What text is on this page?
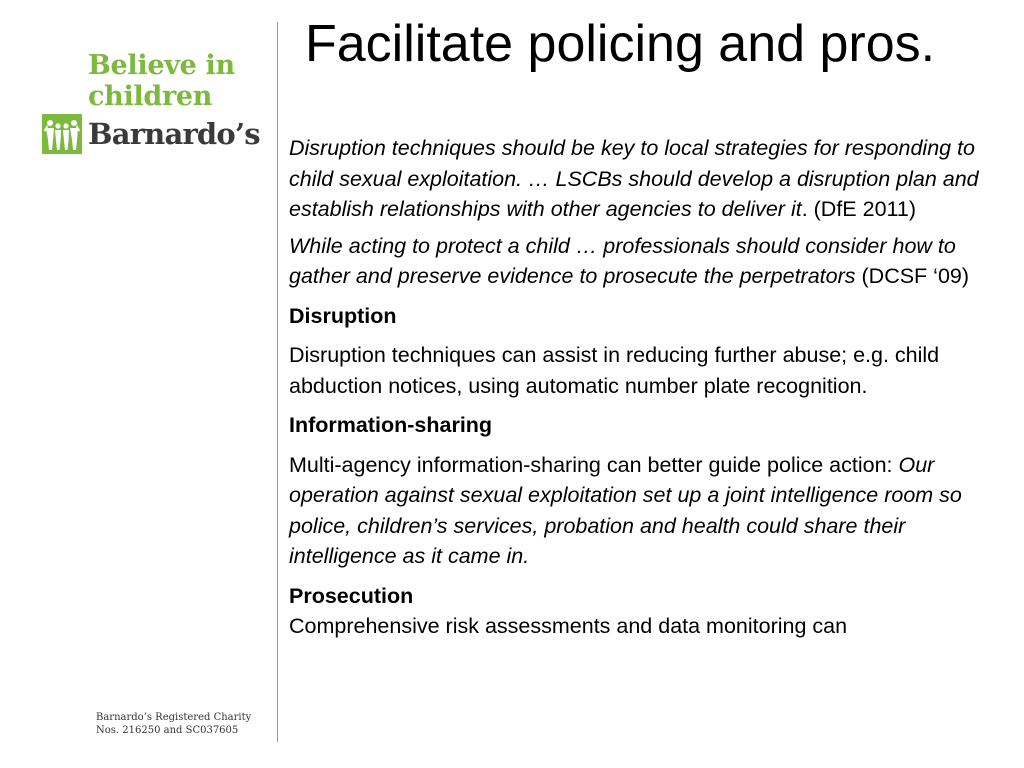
Believe in
children
Barnardo’s
Barnardo’s Registered Charity
Nos. 216250 and SC037605
Facilitate policing and pros.

Disruption techniques should be key to local strategies for responding to child sexual exploitation. … LSCBs should develop a disruption plan and establish relationships with other agencies to deliver it. (DfE 2011)

While acting to protect a child … professionals should consider how to gather and preserve evidence to prosecute the perpetrators (DCSF ‘09)

Disruption

Disruption techniques can assist in reducing further abuse; e.g. child abduction notices, using automatic number plate recognition.

Information-sharing

Multi-agency information-sharing can better guide police action: Our operation against sexual exploitation set up a joint intelligence room so police, children’s services, probation and health could share their intelligence as it came in.

Prosecution

Comprehensive risk assessments and data monitoring can
